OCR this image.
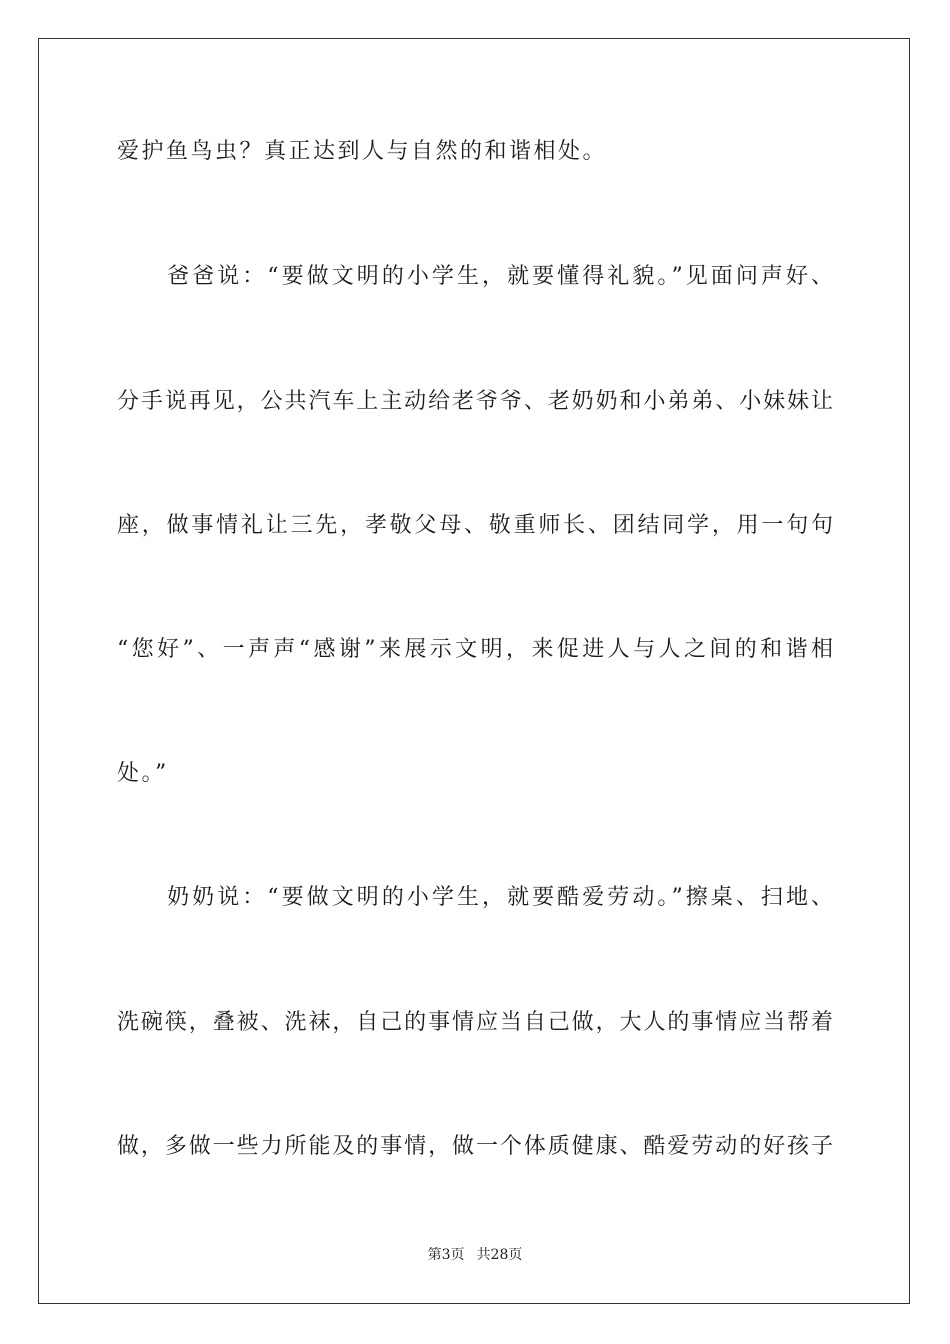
爱护鱼鸟虫？真正达到人与自然的和谐相处。
　　爸爸说：“要做文明的小学生，就要懂得礼貌。”见面问声好、
分手说再见，公共汽车上主动给老爷爷、老奶奶和小弟弟、小妹妹让
座，做事情礼让三先，孝敬父母、敬重师长、团结同学，用一句句
“您好”、一声声“感谢”来展示文明，来促进人与人之间的和谐相
处。”
　　奶奶说：“要做文明的小学生，就要酷爱劳动。”擦桌、扫地、
洗碗筷，叠被、洗袜，自己的事情应当自己做，大人的事情应当帮着
做，多做一些力所能及的事情，做一个体质健康、酷爱劳动的好孩子
第3页 共28页
